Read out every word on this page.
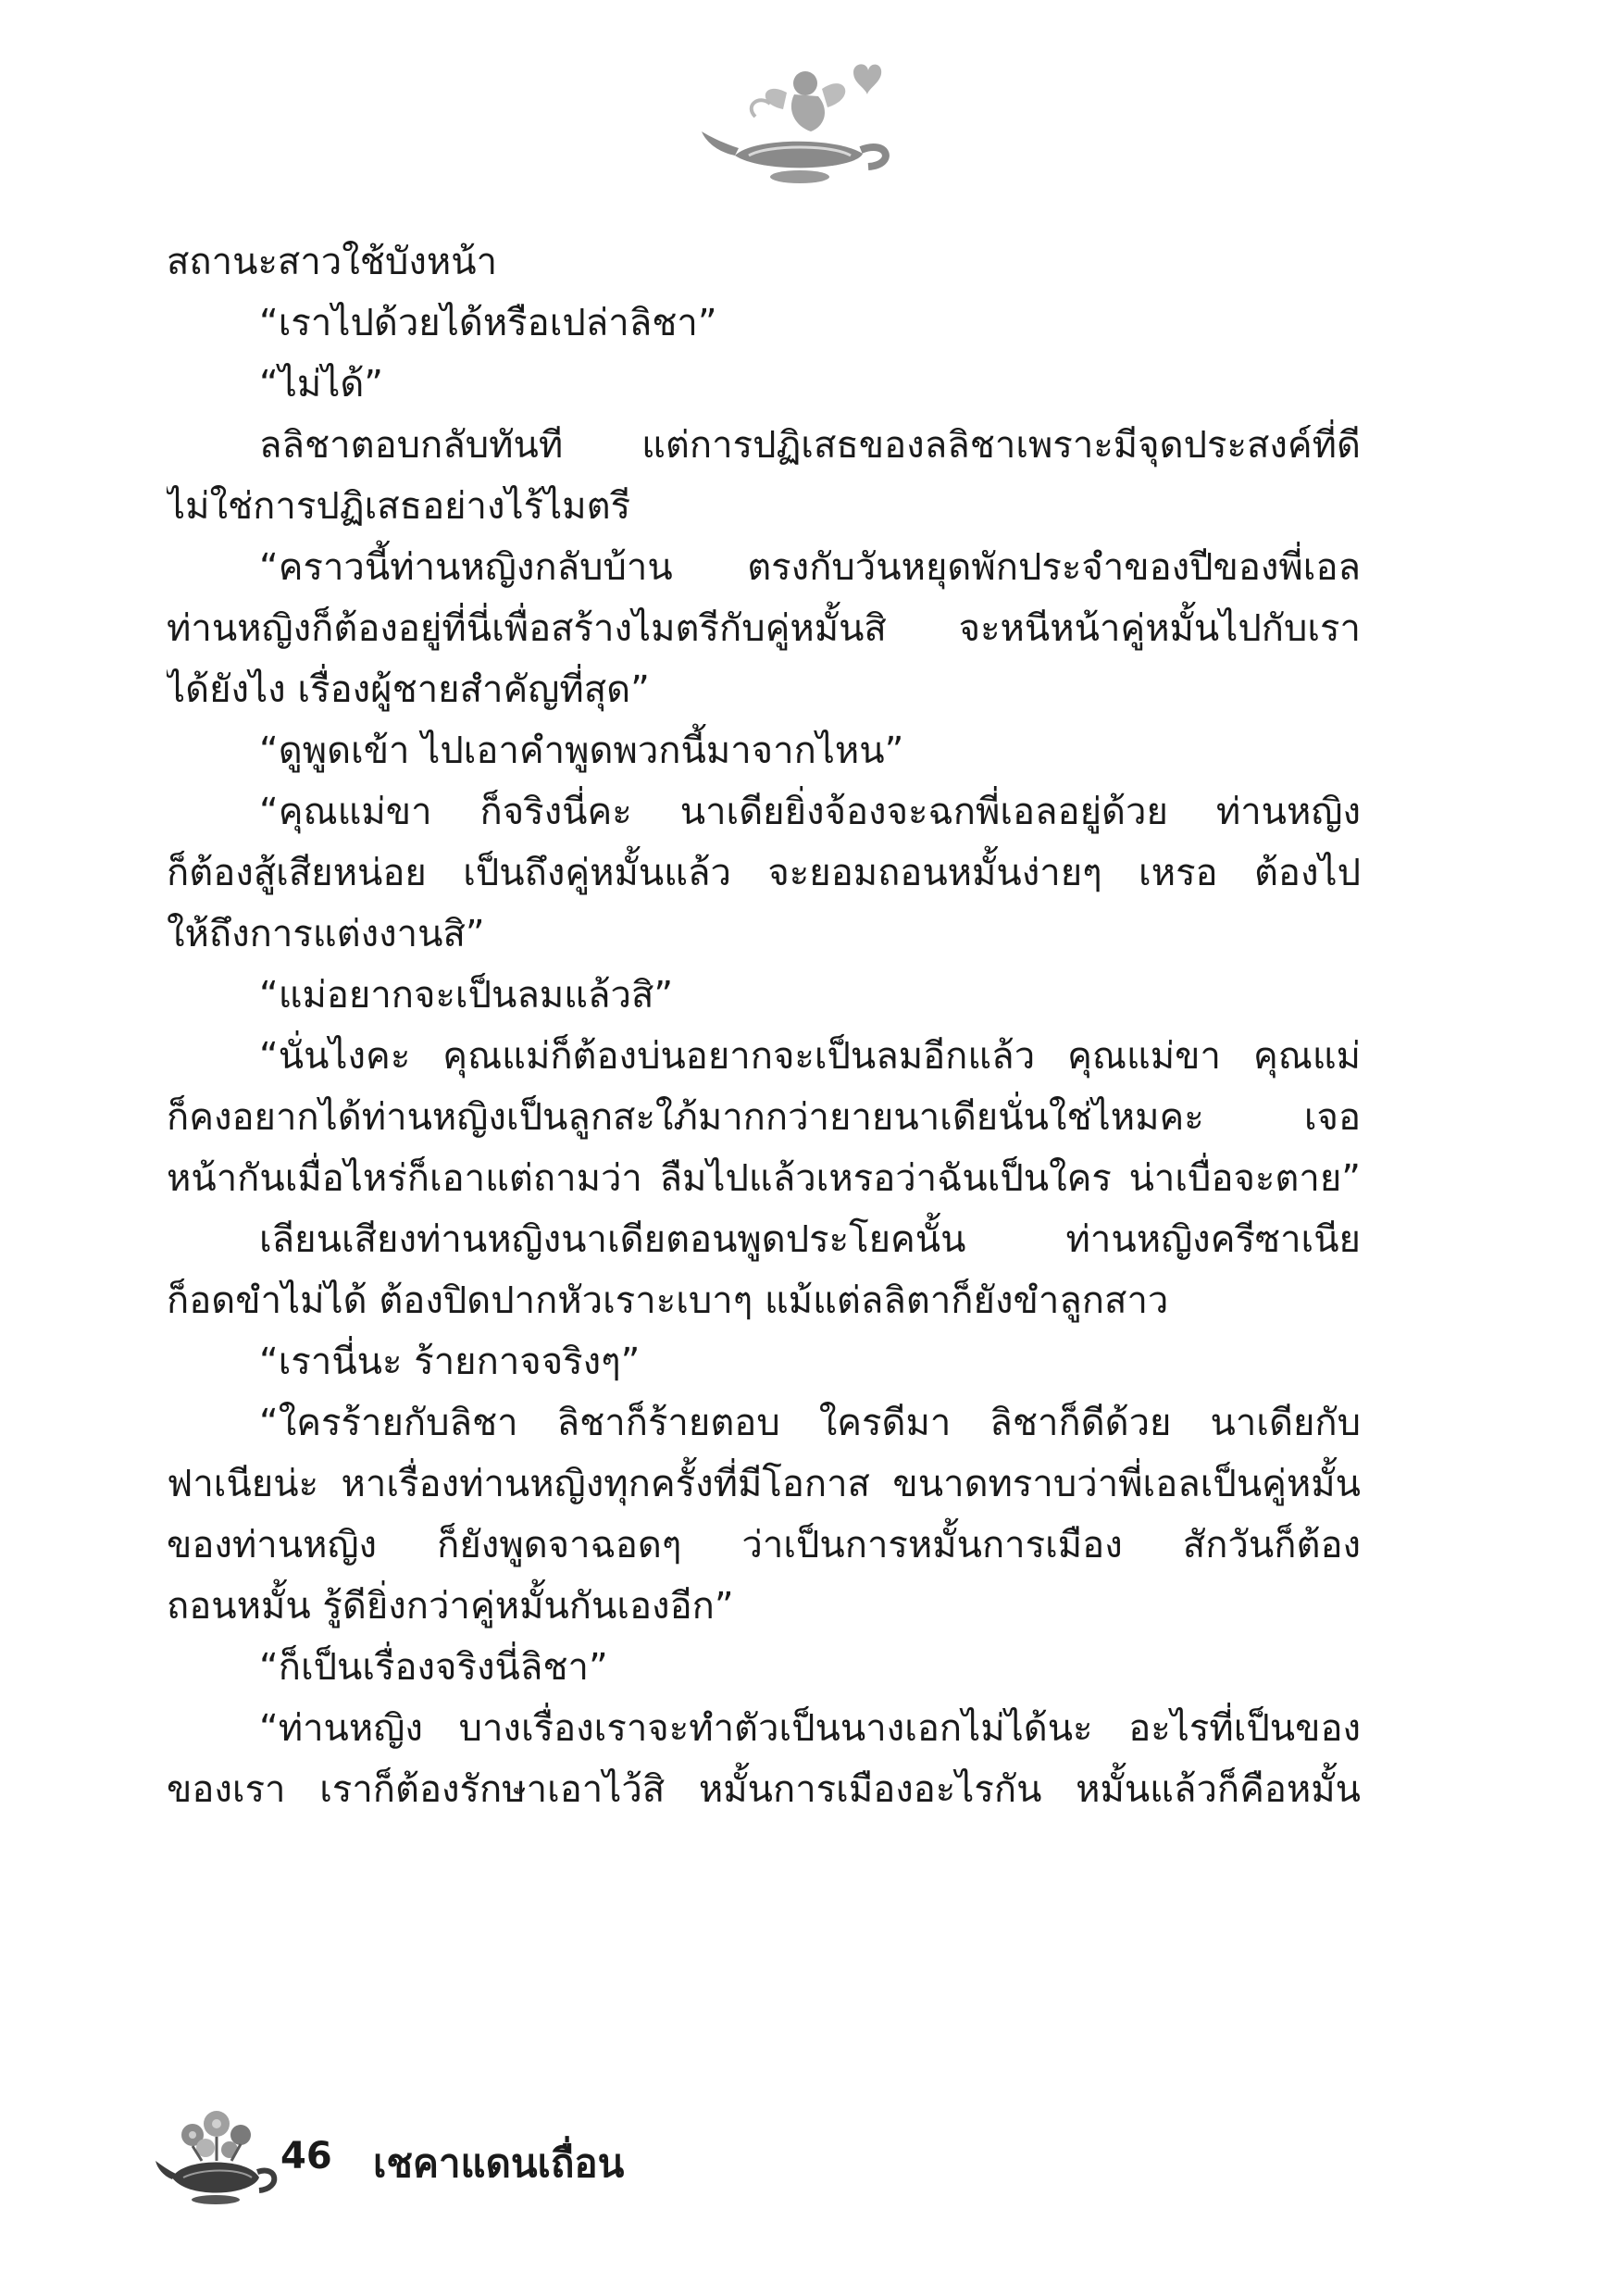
สถานะสาวใช้บังหน้า
“เราไปด้วยได้หรือเปล่าลิชา”
“ไม่ได้”
ลลิชาตอบกลับทันที แต่การปฏิเสธของลลิชาเพราะมีจุดประสงค์ที่ดี
ไม่ใช่การปฏิเสธอย่างไร้ไมตรี
“คราวนี้ท่านหญิงกลับบ้าน ตรงกับวันหยุดพักประจำของปีของพี่เอล
ท่านหญิงก็ต้องอยู่ที่นี่เพื่อสร้างไมตรีกับคู่หมั้นสิ จะหนีหน้าคู่หมั้นไปกับเรา
ได้ยังไง เรื่องผู้ชายสำคัญที่สุด”
“ดูพูดเข้า ไปเอาคำพูดพวกนี้มาจากไหน”
“คุณแม่ขา ก็จริงนี่คะ นาเดียยิ่งจ้องจะฉกพี่เอลอยู่ด้วย ท่านหญิง
ก็ต้องสู้เสียหน่อย เป็นถึงคู่หมั้นแล้ว จะยอมถอนหมั้นง่ายๆ เหรอ ต้องไป
ให้ถึงการแต่งงานสิ”
“แม่อยากจะเป็นลมแล้วสิ”
“นั่นไงคะ คุณแม่ก็ต้องบ่นอยากจะเป็นลมอีกแล้ว คุณแม่ขา คุณแม่
ก็คงอยากได้ท่านหญิงเป็นลูกสะใภ้มากกว่ายายนาเดียนั่นใช่ไหมคะ เจอ
หน้ากันเมื่อไหร่ก็เอาแต่ถามว่า ลืมไปแล้วเหรอว่าฉันเป็นใคร น่าเบื่อจะตาย”
เลียนเสียงท่านหญิงนาเดียตอนพูดประโยคนั้น ท่านหญิงครีซาเนีย
ก็อดขำไม่ได้ ต้องปิดปากหัวเราะเบาๆ แม้แต่ลลิตาก็ยังขำลูกสาว
“เรานี่นะ ร้ายกาจจริงๆ”
“ใครร้ายกับลิชา ลิชาก็ร้ายตอบ ใครดีมา ลิชาก็ดีด้วย นาเดียกับ
ฟาเนียน่ะ หาเรื่องท่านหญิงทุกครั้งที่มีโอกาส ขนาดทราบว่าพี่เอลเป็นคู่หมั้น
ของท่านหญิง ก็ยังพูดจาฉอดๆ ว่าเป็นการหมั้นการเมือง สักวันก็ต้อง
ถอนหมั้น รู้ดียิ่งกว่าคู่หมั้นกันเองอีก”
“ก็เป็นเรื่องจริงนี่ลิชา”
“ท่านหญิง บางเรื่องเราจะทำตัวเป็นนางเอกไม่ได้นะ อะไรที่เป็นของ
ของเรา เราก็ต้องรักษาเอาไว้สิ หมั้นการเมืองอะไรกัน หมั้นแล้วก็คือหมั้น
46 เชคาแดนเถื่อน
